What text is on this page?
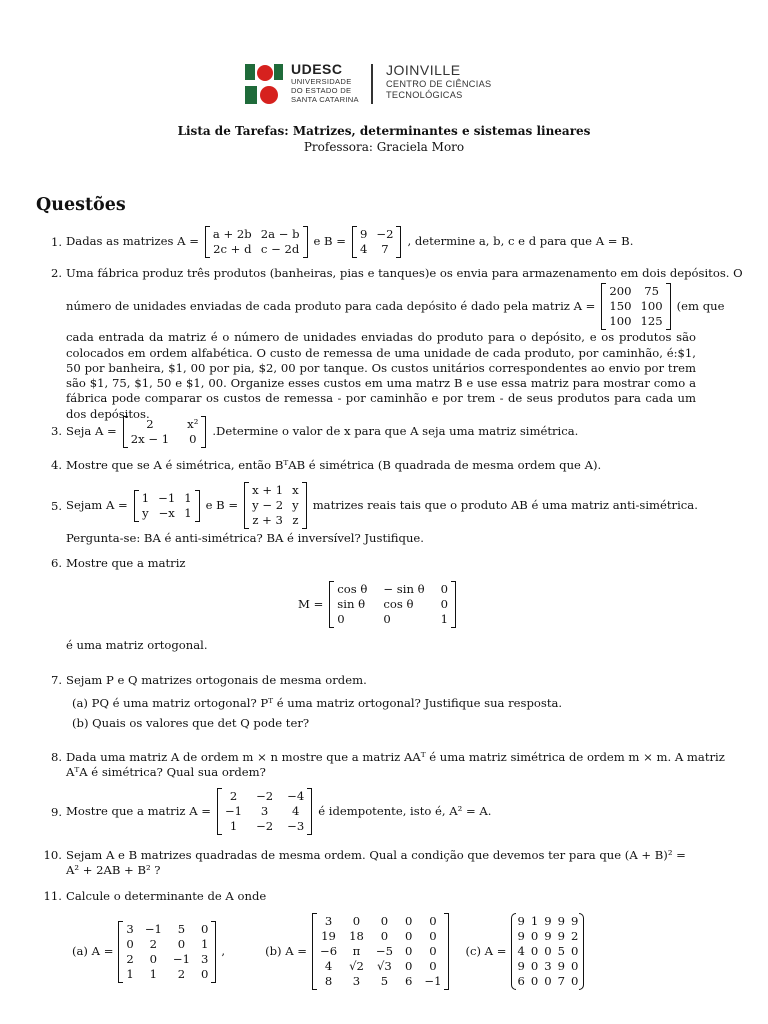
UDESC
UNIVERSIDADE
DO ESTADO DE
SANTA CATARINA
JOINVILLE
CENTRO DE CIÊNCIAS
TECNOLÓGICAS
Lista de Tarefas: Matrizes, determinantes e sistemas lineares
Professora: Graciela Moro
Questões
1. Dadas as matrizes A =
a + 2b 2a − b
2c + d c − 2d
e B =
9 −2
4	7
, determine a, b, c e d para que A = B.
2. Uma fábrica produz três produtos (banheiras, pias e tanques)e os envia para armazenamento em dois depósitos. O
número de unidades enviadas de cada produto para cada depósito é dado pela matriz A =
200	75
150 100
100 125
(em que
cada entrada da matriz é o número de unidades enviadas do produto para o depósito, e os produtos são colocados em ordem alfabética. O custo de remessa de uma unidade de cada produto, por caminhão, é:$1, 50 por banheira, $1, 00 por pia, $2, 00 por tanque. Os custos unitários correspondentes ao envio por trem são $1, 75, $1, 50 e $1, 00. Organize esses custos em uma matrz B e use essa matriz para mostrar como a fábrica pode comparar os custos de remessa - por caminhão e por trem - de seus produtos para cada um dos depósitos.
3. Seja A =
2	x²
2x − 1 0
.Determine o valor de x para que A seja uma matriz simétrica.
4. Mostre que se A é simétrica, então BᵀAB é simétrica (B quadrada de mesma ordem que A).
5. Sejam A =
1 −1 1
y −x 1
e B =
x + 1 x
y − 2 y
z + 3 z
matrizes reais tais que o produto AB é uma matriz anti-simétrica.
Pergunta-se: BA é anti-simétrica? BA é inversível? Justifique.
6. Mostre que a matriz
M =
cos θ − sin θ 0
sin θ cos θ	0
0	0	1
é uma matriz ortogonal.
7. Sejam P e Q matrizes ortogonais de mesma ordem.
(a) PQ é uma matriz ortogonal? Pᵀ é uma matriz ortogonal? Justifique sua resposta.
(b) Quais os valores que det Q pode ter?
8. Dada uma matriz A de ordem m × n mostre que a matriz AAᵀ é uma matriz simétrica de ordem m × m. A matriz
AᵀA é simétrica? Qual sua ordem?
9. Mostre que a matriz A =
2	−2 −4
−1	3	4
1	−2 −3
é idempotente, isto é, A² = A.
10. Sejam A e B matrizes quadradas de mesma ordem. Qual a condição que devemos ter para que (A + B)² =
A² + 2AB + B² ?
11. Calcule o determinante de A onde
(a) A =
3 −1	5	0
0	2	0	1
2	0	−1 3
1	1	2	0
,	(b) A =
3	0	0	0	0
19 18	0	0	0
−6	π	−5 0	0
4	√2 √3 0	0
8	3	5	6 −1
(c) A =
9 1 9 9 9
9 0 9 9 2
4 0 0 5 0
9 0 3 9 0
6 0 0 7 0
